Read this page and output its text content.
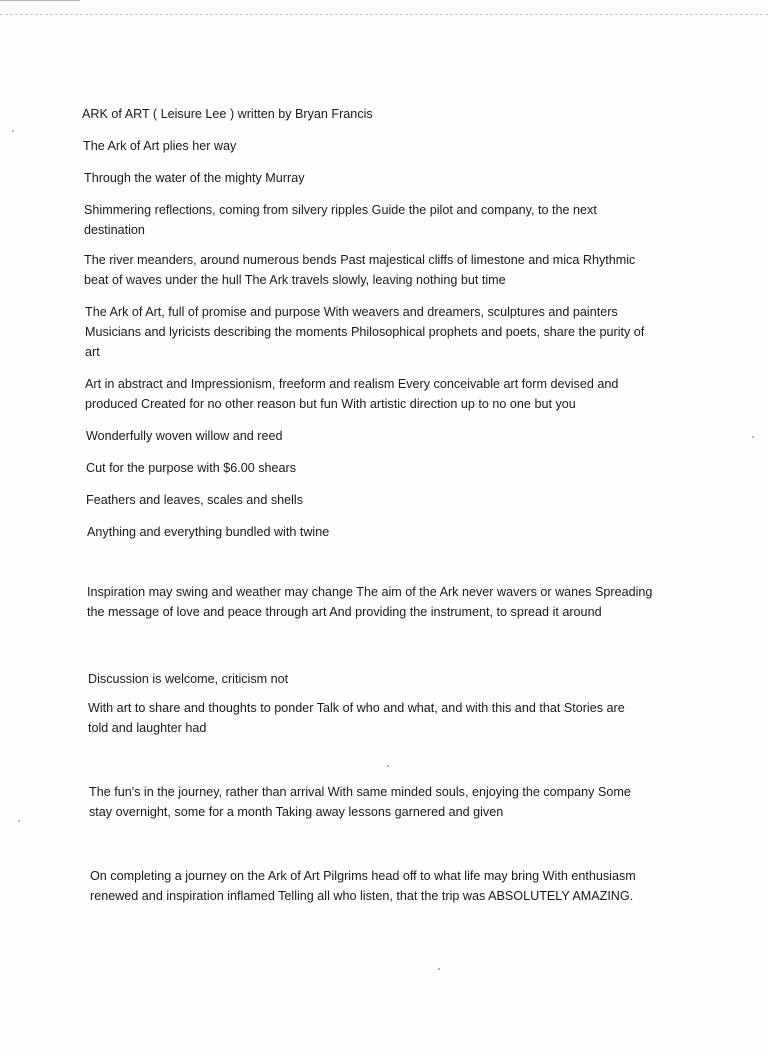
ARK of ART ( Leisure Lee ) written by Bryan Francis

The Ark of Art plies her way

Through the water of the mighty Murray

Shimmering reflections, coming from silvery ripples Guide the pilot and company, to the next destination

The river meanders, around numerous bends Past majestical cliffs of limestone and mica Rhythmic beat of waves under the hull The Ark travels slowly, leaving nothing but time

The Ark of Art, full of promise and purpose With weavers and dreamers, sculptures and painters Musicians and lyricists describing the moments Philosophical prophets and poets, share the purity of art

Art in abstract and Impressionism, freeform and realism Every conceivable art form devised and produced Created for no other reason but fun With artistic direction up to no one but you

Wonderfully woven willow and reed

Cut for the purpose with $6.00 shears

Feathers and leaves, scales and shells

Anything and everything bundled with twine

Inspiration may swing and weather may change The aim of the Ark never wavers or wanes Spreading the message of love and peace through art And providing the instrument, to spread it around

Discussion is welcome, criticism not

With art to share and thoughts to ponder Talk of who and what, and with this and that Stories are told and laughter had

The fun's in the journey, rather than arrival With same minded souls, enjoying the company Some stay overnight, some for a month Taking away lessons garnered and given

On completing a journey on the Ark of Art Pilgrims head off to what life may bring With enthusiasm renewed and inspiration inflamed Telling all who listen, that the trip was ABSOLUTELY AMAZING.
